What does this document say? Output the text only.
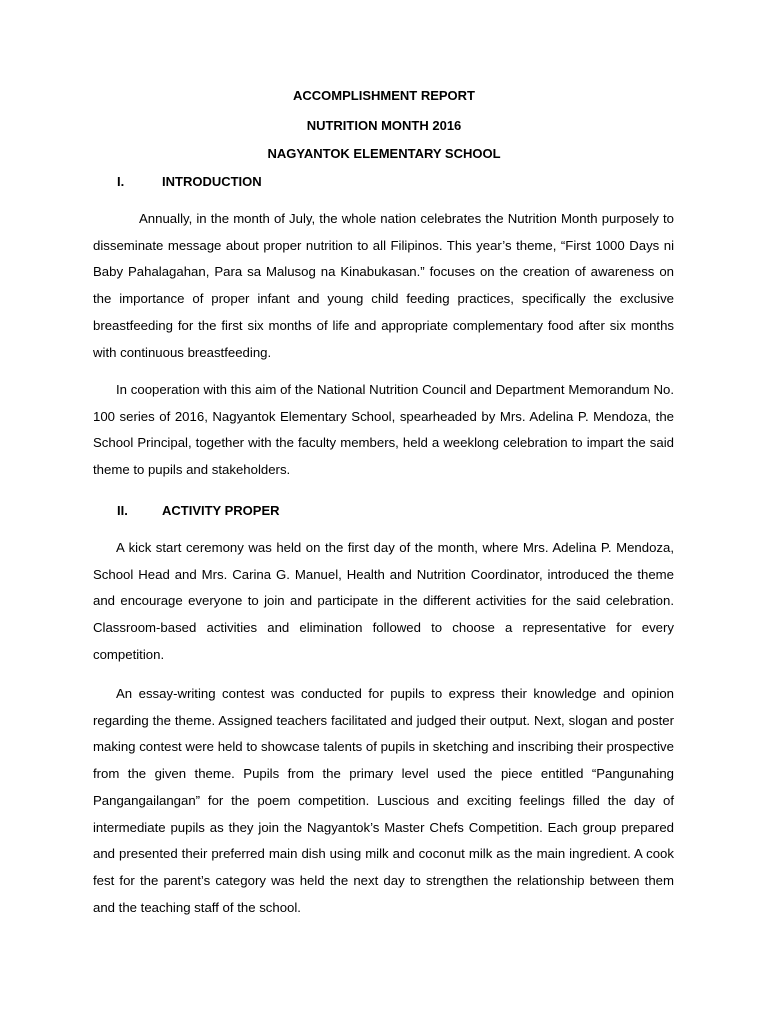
ACCOMPLISHMENT REPORT
NUTRITION MONTH 2016
NAGYANTOK ELEMENTARY SCHOOL
I.	INTRODUCTION
Annually, in the month of July, the whole nation celebrates the Nutrition Month purposely to disseminate message about proper nutrition to all Filipinos. This year’s theme, “First 1000 Days ni Baby Pahalagahan, Para sa Malusog na Kinabukasan.” focuses on the creation of awareness on the importance of proper infant and young child feeding practices, specifically the exclusive breastfeeding for the first six months of life and appropriate complementary food after six months with continuous breastfeeding.
In cooperation with this aim of the National Nutrition Council and Department Memorandum No. 100 series of 2016, Nagyantok Elementary School, spearheaded by Mrs. Adelina P. Mendoza, the School Principal, together with the faculty members, held a weeklong celebration to impart the said theme to pupils and stakeholders.
II.	ACTIVITY PROPER
A kick start ceremony was held on the first day of the month, where Mrs. Adelina P. Mendoza, School Head and Mrs. Carina G. Manuel, Health and Nutrition Coordinator, introduced the theme and encourage everyone to join and participate in the different activities for the said celebration. Classroom-based activities and elimination followed to choose a representative for every competition.
An essay-writing contest was conducted for pupils to express their knowledge and opinion regarding the theme. Assigned teachers facilitated and judged their output. Next, slogan and poster making contest were held to showcase talents of pupils in sketching and inscribing their prospective from the given theme. Pupils from the primary level used the piece entitled “Pangunahing Pangangailangan” for the poem competition. Luscious and exciting feelings filled the day of intermediate pupils as they join the Nagyantok’s Master Chefs Competition. Each group prepared and presented their preferred main dish using milk and coconut milk as the main ingredient. A cook fest for the parent’s category was held the next day to strengthen the relationship between them and the teaching staff of the school.
